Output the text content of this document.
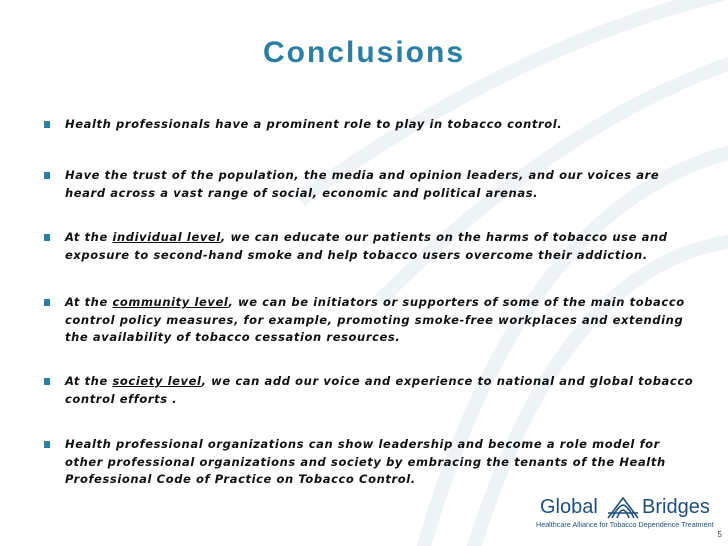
Conclusions
Health professionals have a prominent role to play in tobacco control.
Have the trust of the population, the media and opinion leaders, and our voices are heard across a vast range of social, economic and political arenas.
At the individual level, we can educate our patients on the harms of tobacco use and exposure to second-hand smoke and help tobacco users overcome their addiction.
At the community level, we can be initiators or supporters of some of the main tobacco control policy measures, for example, promoting smoke-free workplaces and extending the availability of tobacco cessation resources.
At the society level, we can add our voice and experience to national and global tobacco control efforts .
Health professional organizations can show leadership and become a role model for other professional organizations and society by embracing the tenants of the Health Professional Code of Practice on Tobacco Control.
Global Bridges
Healthcare Alliance for Tobacco Dependence Treatment
5
